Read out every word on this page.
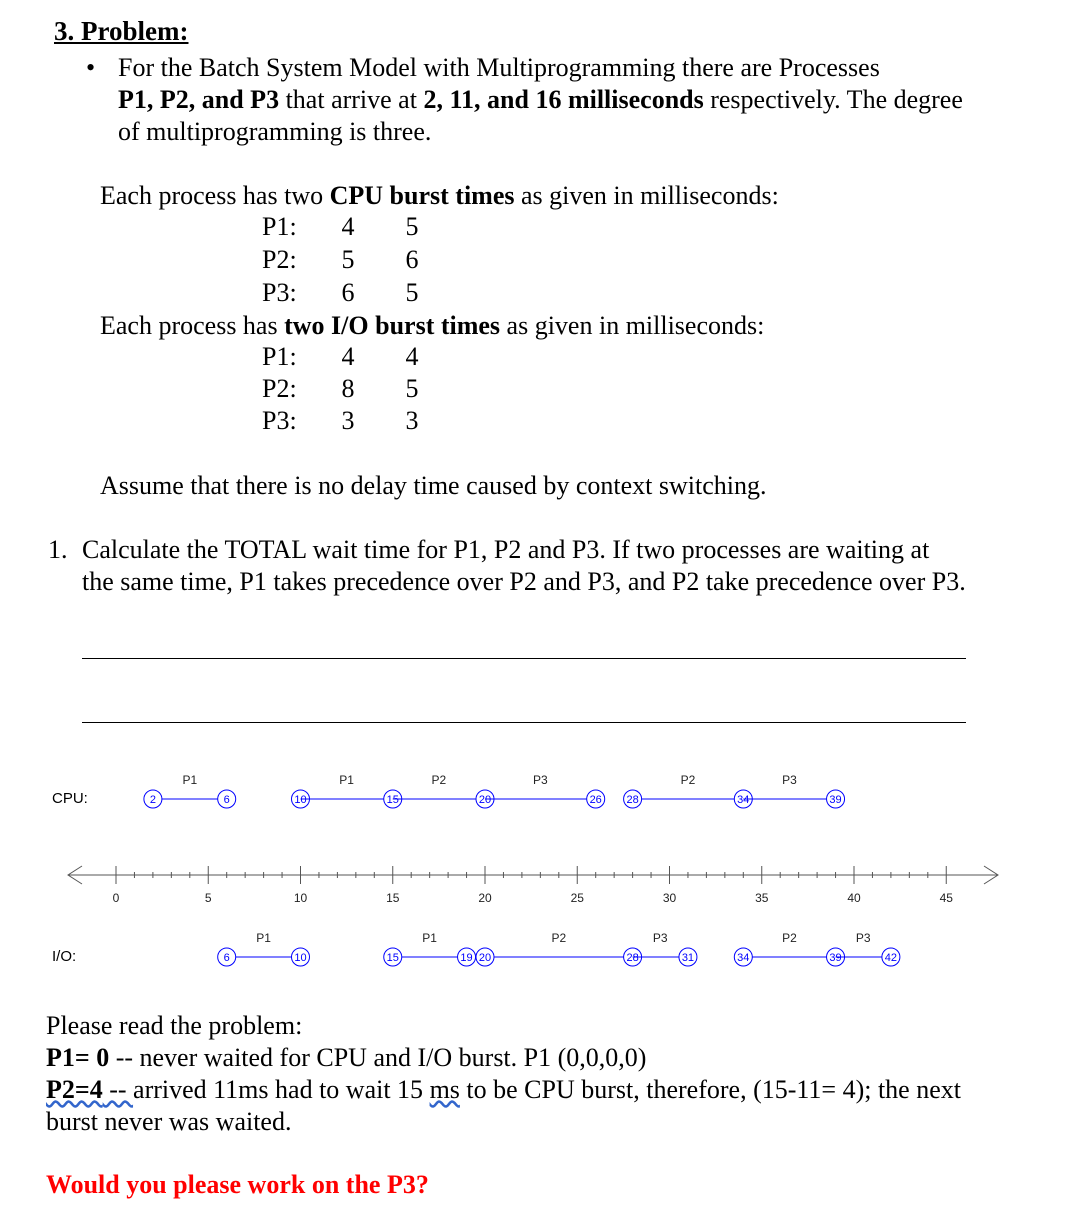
3. Problem:
• For the Batch System Model with Multiprogramming there are Processes
P1, P2, and P3 that arrive at 2, 11, and 16 milliseconds respectively. The degree
of multiprogramming is three.
Each process has two CPU burst times as given in milliseconds:
P1:	4	5
P2:	5	6
P3:	6	5
Each process has two I/O burst times as given in milliseconds:
P1:	4	4
P2:	8	5
P3:	3	3
Assume that there is no delay time caused by context switching.
1. Calculate the TOTAL wait time for P1, P2 and P3. If two processes are waiting at
the same time, P1 takes precedence over P2 and P3, and P2 take precedence over P3.
CPU:
I/O:
0	5	10	15	20	25	30	35	40	45
P1
2	6	10
P1
15
P2
20
P3
26
P2
28	34
P3
39
P1
6	10
P1
15	19
P2
20	28
P3
31
P2
34	39
P3
42
Please read the problem:
P1= 0 -- never waited for CPU and I/O burst. P1 (0,0,0,0)
P2=4 -- arrived 11ms had to wait 15 ms to be CPU burst, therefore, (15-11= 4); the next
burst never was waited.
Would you please work on the P3?
